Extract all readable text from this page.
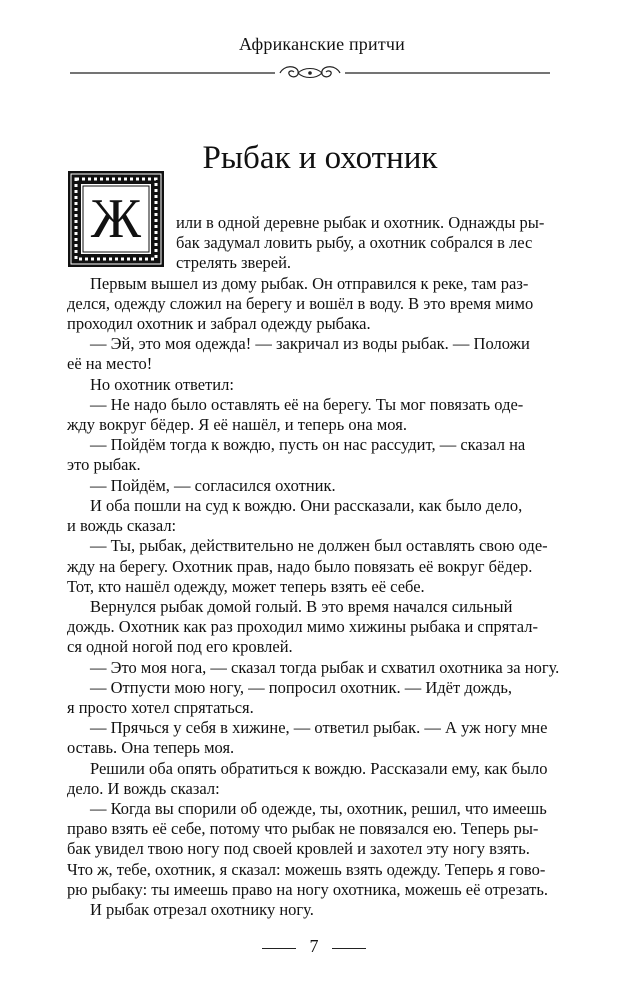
Африканские притчи
Рыбак и охотник
Ж или в одной деревне рыбак и охотник. Однажды ры-
бак задумал ловить рыбу, а охотник собрался в лес
стрелять зверей.
Первым вышел из дому рыбак. Он отправился к реке, там раз-
делся, одежду сложил на берегу и вошёл в воду. В это время мимо
проходил охотник и забрал одежду рыбака.
— Эй, это моя одежда! — закричал из воды рыбак. — Положи
её на место!
Но охотник ответил:
— Не надо было оставлять её на берегу. Ты мог повязать оде-
жду вокруг бёдер. Я её нашёл, и теперь она моя.
— Пойдём тогда к вождю, пусть он нас рассудит, — сказал на
это рыбак.
— Пойдём, — согласился охотник.
И оба пошли на суд к вождю. Они рассказали, как было дело,
и вождь сказал:
— Ты, рыбак, действительно не должен был оставлять свою оде-
жду на берегу. Охотник прав, надо было повязать её вокруг бёдер.
Тот, кто нашёл одежду, может теперь взять её себе.
Вернулся рыбак домой голый. В это время начался сильный
дождь. Охотник как раз проходил мимо хижины рыбака и спрятал-
ся одной ногой под его кровлей.
— Это моя нога, — сказал тогда рыбак и схватил охотника за ногу.
— Отпусти мою ногу, — попросил охотник. — Идёт дождь,
я просто хотел спрятаться.
— Прячься у себя в хижине, — ответил рыбак. — А уж ногу мне
оставь. Она теперь моя.
Решили оба опять обратиться к вождю. Рассказали ему, как было
дело. И вождь сказал:
— Когда вы спорили об одежде, ты, охотник, решил, что имеешь
право взять её себе, потому что рыбак не повязался ею. Теперь ры-
бак увидел твою ногу под своей кровлей и захотел эту ногу взять.
Что ж, тебе, охотник, я сказал: можешь взять одежду. Теперь я гово-
рю рыбаку: ты имеешь право на ногу охотника, можешь её отрезать.
И рыбак отрезал охотнику ногу.
7
